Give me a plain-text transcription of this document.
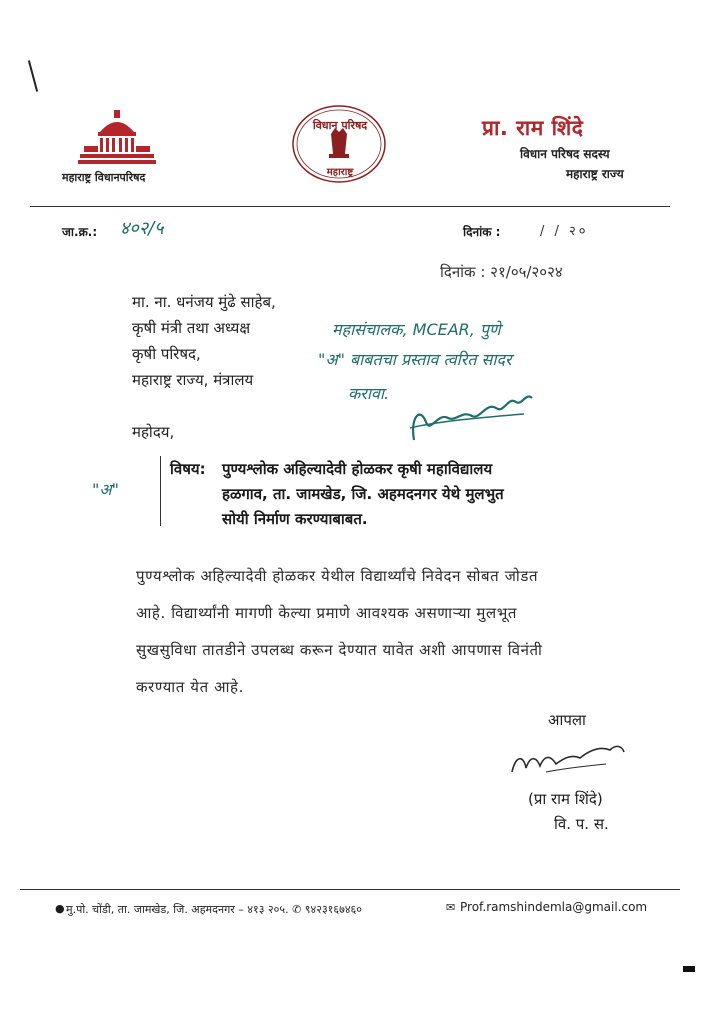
महाराष्ट्र विधानपरिषद
विधान परिषद
महाराष्ट्र
प्रा. राम शिंदे
विधान परिषद सदस्य
महाराष्ट्र राज्य
जा.क्र.: ४०२/५	दिनांक :	/ / २०
दिनांक : २१/०५/२०२४
मा. ना. धनंजय मुंढे साहेब,
कृषी मंत्री तथा अध्यक्ष
कृषी परिषद,
महाराष्ट्र राज्य, मंत्रालय
महासंचालक, MCEAR, पुणे
"अ" बाबतचा प्रस्ताव त्वरित सादर
करावा.
महोदय,
"अ"
विषय: पुण्यश्लोक अहिल्यादेवी होळकर कृषी महाविद्यालय
हळगाव, ता. जामखेड, जि. अहमदनगर येथे मुलभुत
सोयी निर्माण करण्याबाबत.
पुण्यश्लोक अहिल्यादेवी होळकर येथील विद्यार्थ्यांचे निवेदन सोबत जोडत
आहे. विद्यार्थ्यांनी मागणी केल्या प्रमाणे आवश्यक असणाऱ्या मुलभूत
सुखसुविधा तातडीने उपलब्ध करून देण्यात यावेत अशी आपणास विनंती
करण्यात येत आहे.
आपला
(प्रा राम शिंदे)
वि. प. स.
● मु.पो. चोंडी, ता. जामखेड, जि. अहमदनगर – ४१३ २०५. ✆ ९४२३१६७४६०	✉ Prof.ramshindemla@gmail.com
